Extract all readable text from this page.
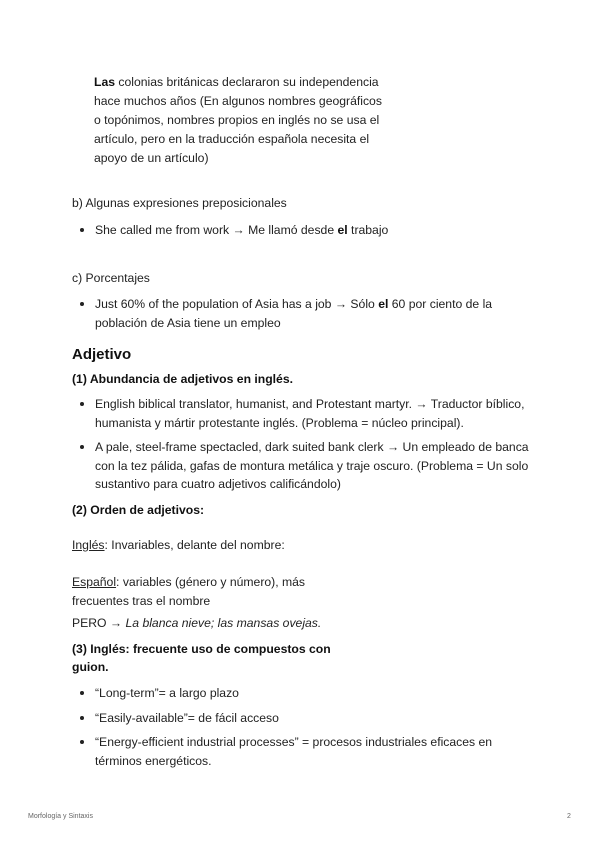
Las colonias británicas declararon su independencia hace muchos años (En algunos nombres geográficos o topónimos, nombres propios en inglés no se usa el artículo, pero en la traducción española necesita el apoyo de un artículo)
b) Algunas expresiones preposicionales
She called me from work → Me llamó desde el trabajo
c) Porcentajes
Just 60% of the population of Asia has a job → Sólo el 60 por ciento de la población de Asia tiene un empleo
Adjetivo
(1) Abundancia de adjetivos en inglés.
English biblical translator, humanist, and Protestant martyr. → Traductor bíblico, humanista y mártir protestante inglés. (Problema = núcleo principal).
A pale, steel-frame spectacled, dark suited bank clerk → Un empleado de banca con la tez pálida, gafas de montura metálica y traje oscuro. (Problema = Un solo sustantivo para cuatro adjetivos calificándolo)
(2) Orden de adjetivos:
Inglés: Invariables, delante del nombre:
Español: variables (género y número), más frecuentes tras el nombre
PERO → La blanca nieve; las mansas ovejas.
(3) Inglés: frecuente uso de compuestos con guion.
“Long-term”= a largo plazo
“Easily-available”= de fácil acceso
“Energy-efficient industrial processes” = procesos industriales eficaces en términos energéticos.
Morfología y Sintaxis	2
